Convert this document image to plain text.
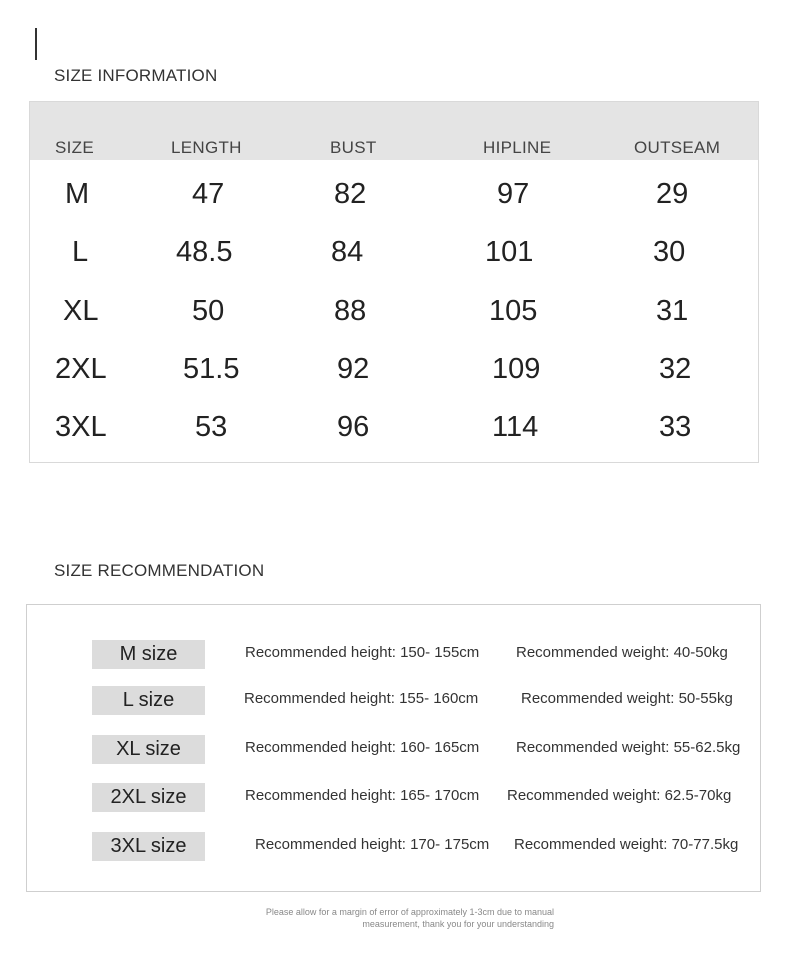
SIZE INFORMATION
SIZE	LENGTH	BUST	HIPLINE	OUTSEAM
M	47	82	97	29
L	48.5	84	101	30
XL	50	88	105	31
2XL	51.5	92	109	32
3XL	53	96	114	33
SIZE RECOMMENDATION
M size	Recommended height: 150- 155cm Recommended weight: 40-50kg
L size	Recommended height: 155- 160cm	Recommended weight: 50-55kg
XL size	Recommended height: 160- 165cm Recommended weight: 55-62.5kg
2XL size	Recommended height: 165- 170cm Recommended weight: 62.5-70kg
3XL size	Recommended height: 170- 175cm Recommended weight: 70-77.5kg
Please allow for a margin of error of approximately 1-3cm due to manual
measurement, thank you for your understanding
